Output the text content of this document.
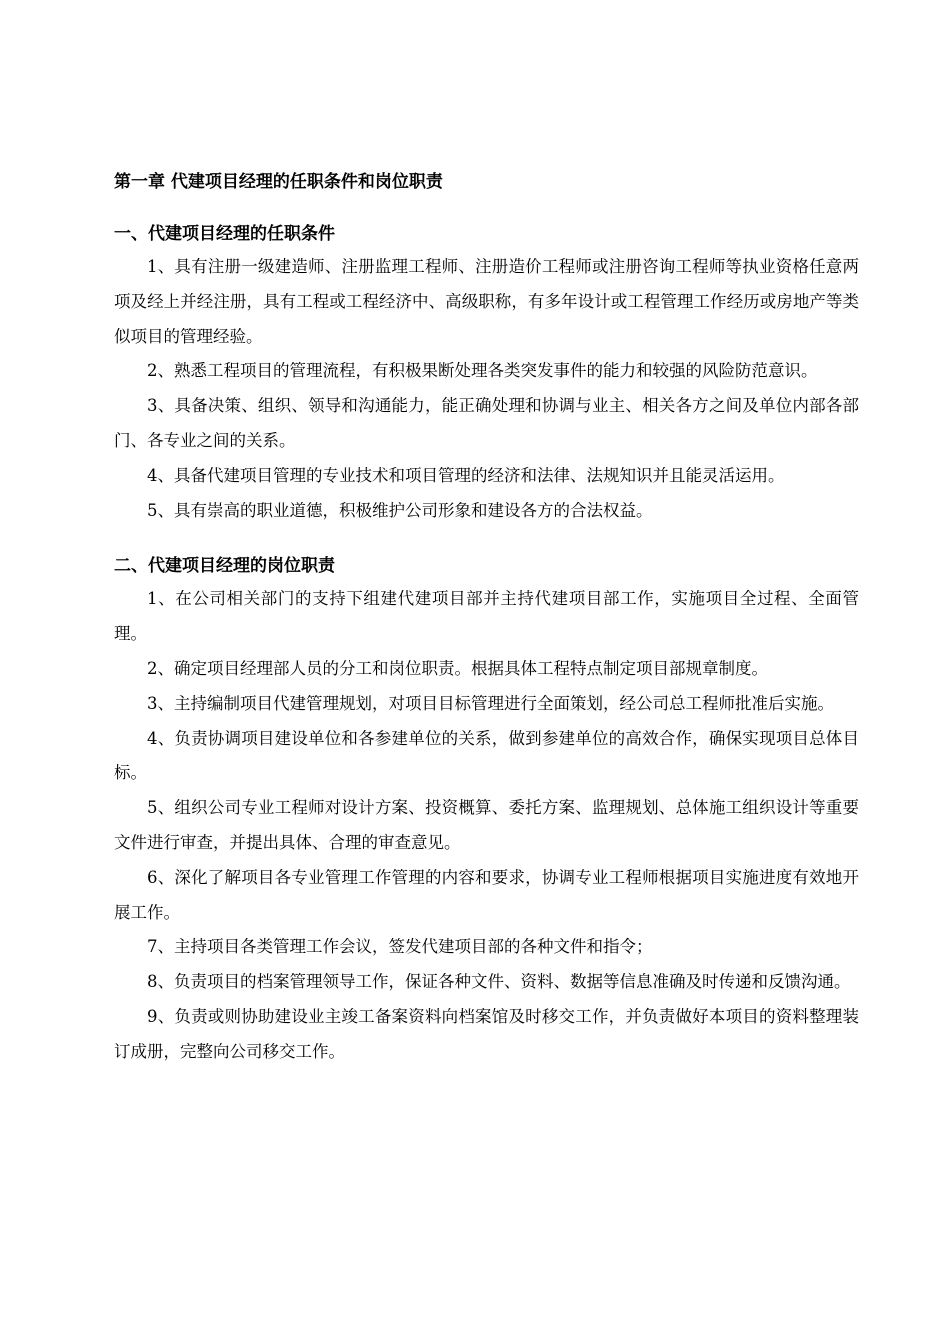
第一章 代建项目经理的任职条件和岗位职责
一、代建项目经理的任职条件

1、具有注册一级建造师、注册监理工程师、注册造价工程师或注册咨询工程师等执业资格任意两项及经上并经注册，具有工程或工程经济中、高级职称，有多年设计或工程管理工作经历或房地产等类似项目的管理经验。

2、熟悉工程项目的管理流程，有积极果断处理各类突发事件的能力和较强的风险防范意识。

3、具备决策、组织、领导和沟通能力，能正确处理和协调与业主、相关各方之间及单位内部各部门、各专业之间的关系。

4、具备代建项目管理的专业技术和项目管理的经济和法律、法规知识并且能灵活运用。

5、具有崇高的职业道德，积极维护公司形象和建设各方的合法权益。

二、代建项目经理的岗位职责

1、在公司相关部门的支持下组建代建项目部并主持代建项目部工作，实施项目全过程、全面管理。

2、确定项目经理部人员的分工和岗位职责。根据具体工程特点制定项目部规章制度。

3、主持编制项目代建管理规划，对项目目标管理进行全面策划，经公司总工程师批准后实施。

4、负责协调项目建设单位和各参建单位的关系，做到参建单位的高效合作，确保实现项目总体目标。

5、组织公司专业工程师对设计方案、投资概算、委托方案、监理规划、总体施工组织设计等重要文件进行审查，并提出具体、合理的审查意见。

6、深化了解项目各专业管理工作管理的内容和要求，协调专业工程师根据项目实施进度有效地开展工作。

7、主持项目各类管理工作会议，签发代建项目部的各种文件和指令；

8、负责项目的档案管理领导工作，保证各种文件、资料、数据等信息准确及时传递和反馈沟通。

9、负责或则协助建设业主竣工备案资料向档案馆及时移交工作，并负责做好本项目的资料整理装订成册，完整向公司移交工作。
